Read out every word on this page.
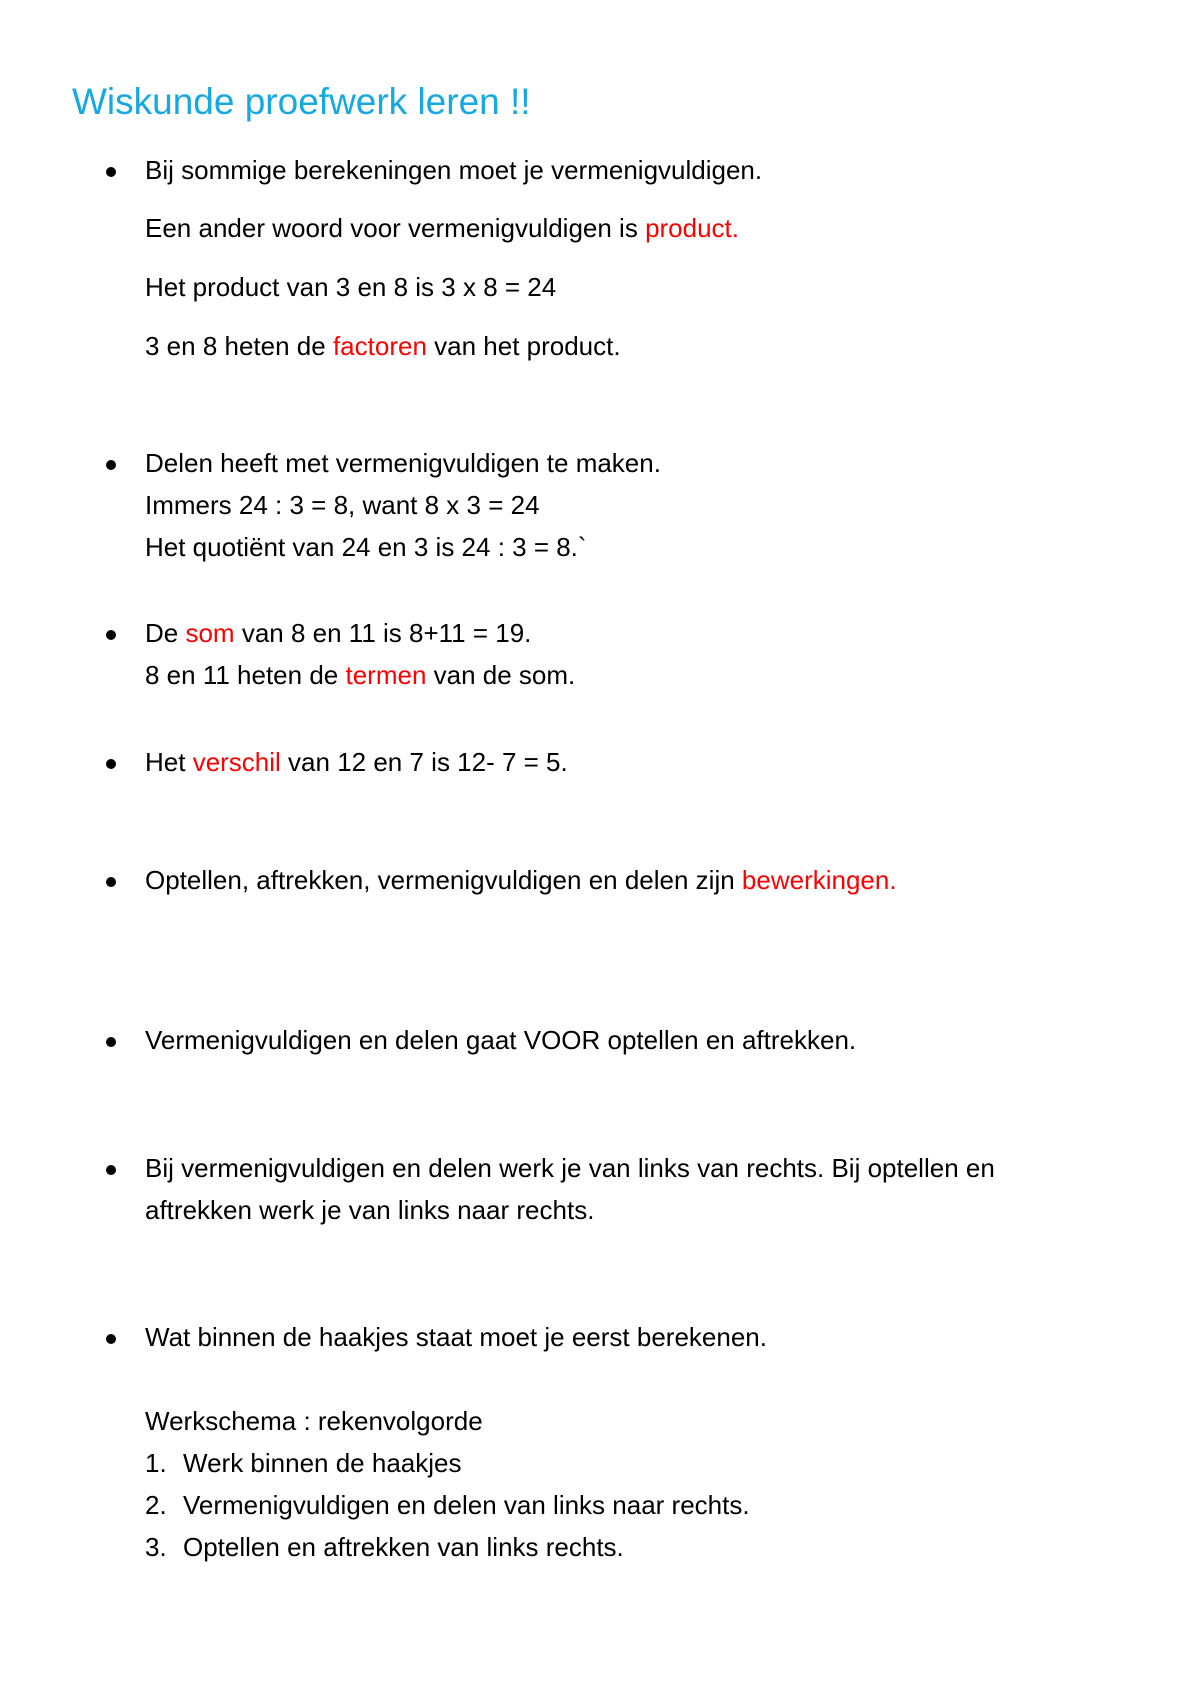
Wiskunde proefwerk leren !!
Bij sommige berekeningen moet je vermenigvuldigen.
Een ander woord voor vermenigvuldigen is product.
Het product van 3 en 8 is 3 x 8 = 24
3 en 8 heten de factoren van het product.
Delen heeft met vermenigvuldigen te maken.
Immers 24 : 3 = 8, want 8 x 3 = 24
Het quotiënt van 24 en 3 is 24 : 3 = 8.`
De som van 8 en 11 is 8+11 = 19.
8 en 11 heten de termen van de som.
Het verschil van 12 en 7 is 12- 7 = 5.
Optellen, aftrekken, vermenigvuldigen en delen zijn bewerkingen.
Vermenigvuldigen en delen gaat VOOR optellen en aftrekken.
Bij vermenigvuldigen en delen werk je van links van rechts. Bij optellen en
aftrekken werk je van links naar rechts.
Wat binnen de haakjes staat moet je eerst berekenen.
Werkschema : rekenvolgorde
1. Werk binnen de haakjes
2. Vermenigvuldigen en delen van links naar rechts.
3. Optellen en aftrekken van links rechts.
